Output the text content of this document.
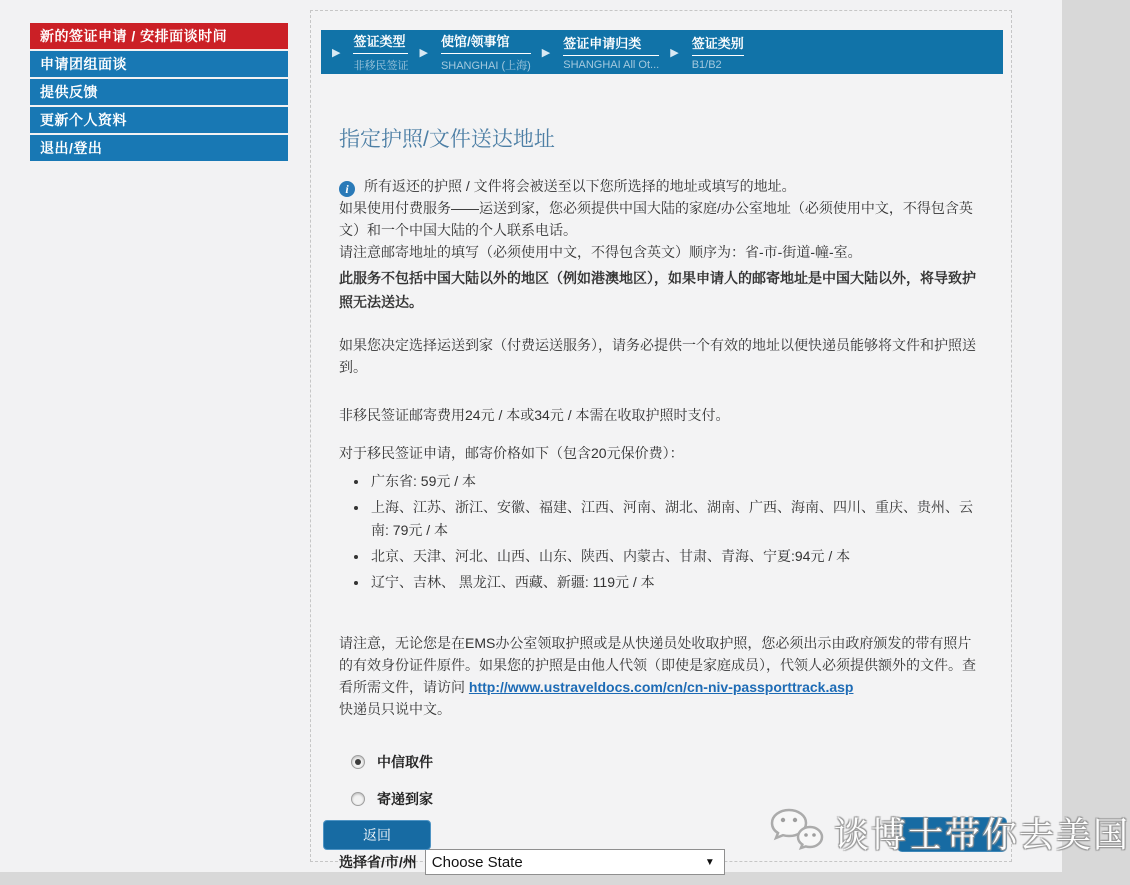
新的签证申请 / 安排面谈时间
申请团组面谈
提供反馈
更新个人资料
退出/登出
▶
签证类型
非移民签证
▶
使馆/领事馆
SHANGHAI (上海)
▶
签证申请归类
SHANGHAI All Ot...
▶
签证类别
B1/B2
指定护照/文件送达地址
i 所有返还的护照 / 文件将会被送至以下您所选择的地址或填写的地址。
如果使用付费服务——运送到家，您必须提供中国大陆的家庭/办公室地址（必须使用中文，不得包含英文）和一个中国大陆的个人联系电话。
请注意邮寄地址的填写（必须使用中文，不得包含英文）顺序为：省-市-街道-幢-室。
此服务不包括中国大陆以外的地区（例如港澳地区），如果申请人的邮寄地址是中国大陆以外，将导致护照无法送达。
如果您决定选择运送到家（付费运送服务），请务必提供一个有效的地址以便快递员能够将文件和护照送到。
非移民签证邮寄费用24元 / 本或34元 / 本需在收取护照时支付。
对于移民签证申请，邮寄价格如下（包含20元保价费）：
• 广东省: 59元 / 本
• 上海、江苏、浙江、安徽、福建、江西、河南、湖北、湖南、广西、海南、四川、重庆、贵州、云南: 79元 / 本
• 北京、天津、河北、山西、山东、陕西、内蒙古、甘肃、青海、宁夏:94元 / 本
• 辽宁、吉林、 黑龙江、西藏、新疆: 119元 / 本
请注意，无论您是在EMS办公室领取护照或是从快递员处收取护照，您必须出示由政府颁发的带有照片的有效身份证件原件。如果您的护照是由他人代领（即使是家庭成员），代领人必须提供额外的文件。查看所需文件，请访问 http://www.ustraveldocs.com/cn/cn-niv-passporttrack.asp
快递员只说中文。
中信取件
寄递到家
选择省/市/州
Choose State	▼
返回	谈博士带你去美国
